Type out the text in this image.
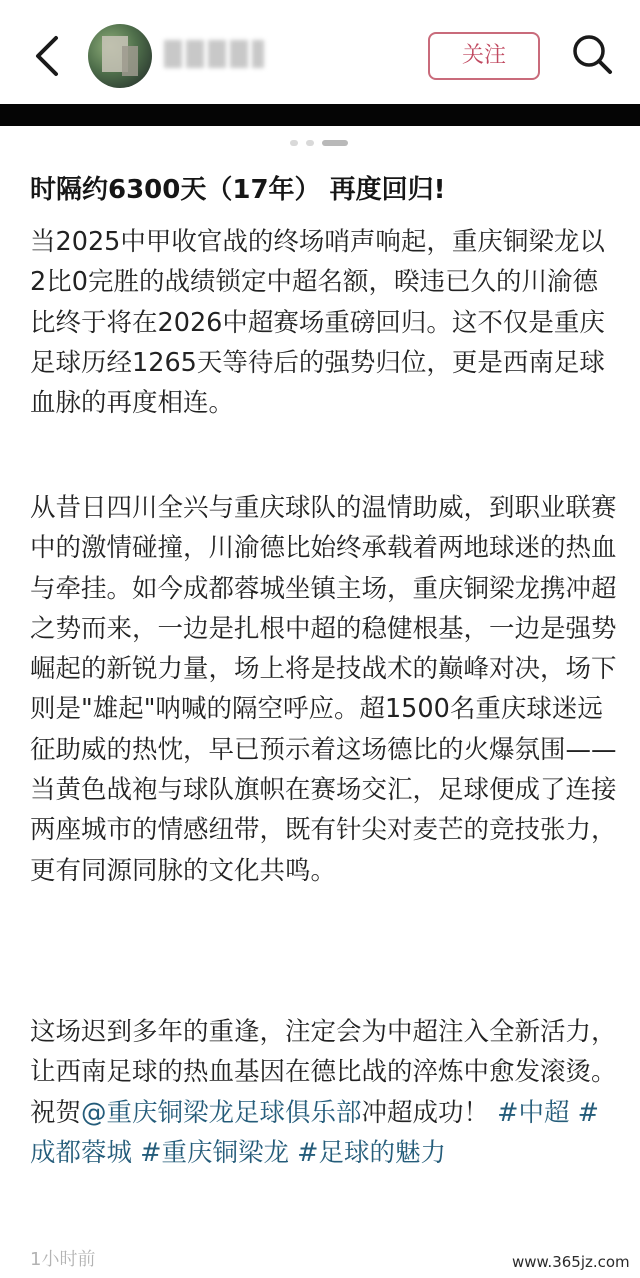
关注
时隔约6300天（17年） 再度回归!
当2025中甲收官战的终场哨声响起，重庆铜梁龙以2比0完胜的战绩锁定中超名额，暌违已久的川渝德比终于将在2026中超赛场重磅回归。这不仅是重庆足球历经1265天等待后的强势归位，更是西南足球血脉的再度相连。
从昔日四川全兴与重庆球队的温情助威，到职业联赛中的激情碰撞，川渝德比始终承载着两地球迷的热血与牵挂。如今成都蓉城坐镇主场，重庆铜梁龙携冲超之势而来，一边是扎根中超的稳健根基，一边是强势崛起的新锐力量，场上将是技战术的巅峰对决，场下则是"雄起"呐喊的隔空呼应。超1500名重庆球迷远征助威的热忱，早已预示着这场德比的火爆氛围——当黄色战袍与球队旗帜在赛场交汇，足球便成了连接两座城市的情感纽带，既有针尖对麦芒的竞技张力，更有同源同脉的文化共鸣。
这场迟到多年的重逢，注定会为中超注入全新活力，让西南足球的热血基因在德比战的淬炼中愈发滚烫。祝贺@重庆铜梁龙足球俱乐部冲超成功！ #中超 #成都蓉城 #重庆铜梁龙 #足球的魅力
1小时前	www.365jz.com
